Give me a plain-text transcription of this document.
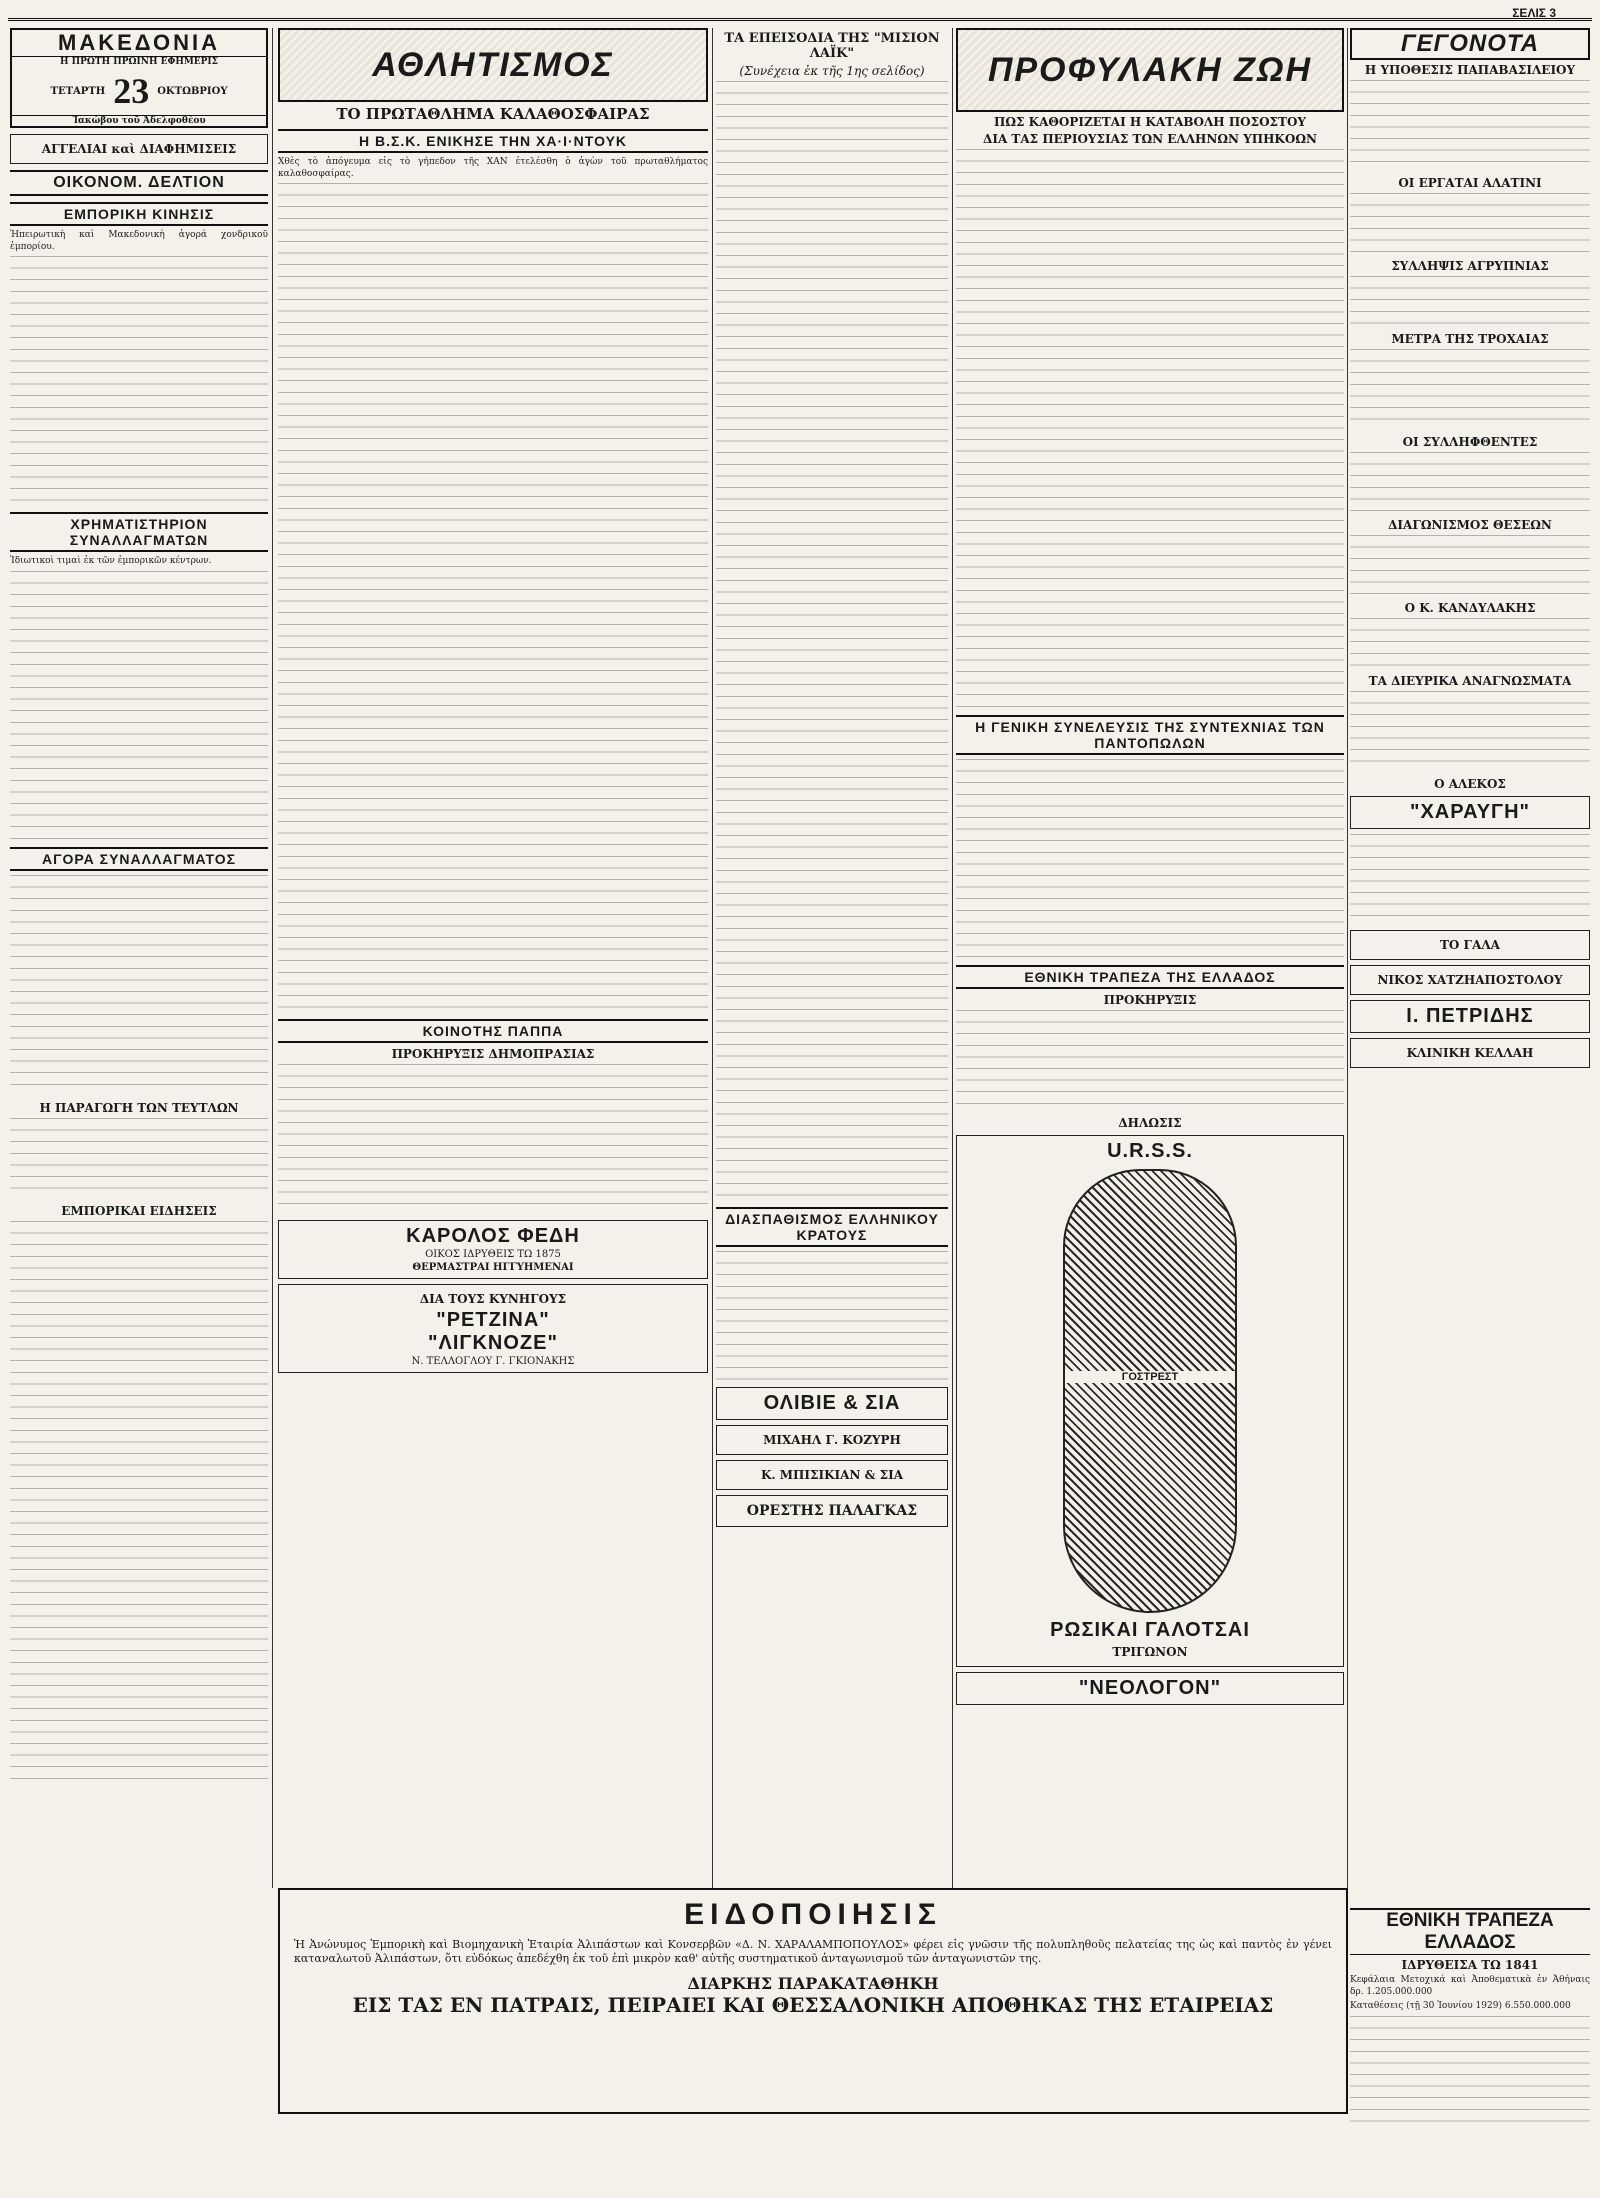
ΣΕΛΙΣ 3
ΜΑΚΕΔΟΝΙΑ
Η ΠΡΩΤΗ ΠΡΩΙΝΗ ΕΦΗΜΕΡΙΣ
ΤΕΤΑΡΤΗ 23 ΟΚΤΩΒΡΙΟΥ
Ἰακώβου τοῦ Ἀδελφοθέου
ΑΓΓΕΛΙΑΙ καὶ ΔΙΑΦΗΜΙΣΕΙΣ
ΟΙΚΟΝΟΜ. ΔΕΛΤΙΟΝ
ΕΜΠΟΡΙΚΗ ΚΙΝΗΣΙΣ

Ἠπειρωτικὴ καὶ Μακεδονικὴ ἀγορά χονδρικοῦ ἐμπορίου.

ΧΡΗΜΑΤΙΣΤΗΡΙΟΝ ΣΥΝΑΛΛΑΓΜΑΤΩΝ

Ἰδιωτικοὶ τιμαὶ ἐκ τῶν ἐμπορικῶν κέντρων.

ΑΓΟΡΑ ΣΥΝΑΛΛΑΓΜΑΤΟΣ
Η ΠΑΡΑΓΩΓΗ ΤΩΝ ΤΕΥΤΛΩΝ
ΕΜΠΟΡΙΚΑΙ ΕΙΔΗΣΕΙΣ
ΑΘΛΗΤΙΣΜΟΣ
ΤΟ ΠΡΩΤΑΘΛΗΜΑ ΚΑΛΑΘΟΣΦΑΙΡΑΣ
Η Β.Σ.Κ. ΕΝΙΚΗΣΕ ΤΗΝ ΧΑ·Ι·ΝΤΟΥΚ

Χθὲς τὸ ἀπόγευμα εἰς τὸ γήπεδον τῆς ΧΑΝ ἐτελέσθη ὁ ἀγὼν τοῦ πρωταθλήματος καλαθοσφαίρας.

ΚΟΙΝΟΤΗΣ ΠΑΠΠΑ
ΠΡΟΚΗΡΥΞΙΣ ΔΗΜΟΠΡΑΣΙΑΣ
ΚΑΡΟΛΟΣ ΦΕΔΗ
ΟΙΚΟΣ ΙΔΡΥΘΕΙΣ ΤΩ 1875
ΘΕΡΜΑΣΤΡΑΙ ΗΓΓΥΗΜΕΝΑΙ
ΔΙΑ ΤΟΥΣ ΚΥΝΗΓΟΥΣ
"ΡΕΤΖΙΝΑ"
"ΛΙΓΚΝΟΖΕ"
Ν. ΤΕΛΛΟΓΛΟΥ Γ. ΓΚΙΟΝΑΚΗΣ
ΤΑ ΕΠΕΙΣΟΔΙΑ ΤΗΣ "ΜΙΣΙΟΝ ΛΑΪΚ"
(Συνέχεια ἐκ τῆς 1ης σελίδος)
ΔΙΑΣΠΑΘΙΣΜΟΣ ΕΛΛΗΝΙΚΟΥ ΚΡΑΤΟΥΣ
ΟΛΙΒΙΕ & ΣΙΑ
ΜΙΧΑΗΛ Γ. ΚΟΖΥΡΗ
Κ. ΜΠΙΣΙΚΙΑΝ & ΣΙΑ
ΟΡΕΣΤΗΣ ΠΑΛΑΓΚΑΣ
ΠΡΟΦΥΛΑΚΗ ΖΩΗ
ΠΩΣ ΚΑΘΟΡΙΖΕΤΑΙ Η ΚΑΤΑΒΟΛΗ ΠΟΣΟΣΤΟΥ
ΔΙΑ ΤΑΣ ΠΕΡΙΟΥΣΙΑΣ ΤΩΝ ΕΛΛΗΝΩΝ ΥΠΗΚΟΩΝ
Η ΓΕΝΙΚΗ ΣΥΝΕΛΕΥΣΙΣ ΤΗΣ ΣΥΝΤΕΧΝΙΑΣ ΤΩΝ ΠΑΝΤΟΠΩΛΩΝ
ΕΘΝΙΚΗ ΤΡΑΠΕΖΑ ΤΗΣ ΕΛΛΑΔΟΣ
ΠΡΟΚΗΡΥΞΙΣ
ΔΗΛΩΣΙΣ
U.R.S.S.
ΓΟΣΤΡΕΣΤ
ΡΩΣΙΚΑΙ ΓΑΛΟΤΣΑΙ
ΤΡΙΓΩΝΟΝ
"ΝΕΟΛΟΓΟΝ"
ΓΕΓΟΝΟΤΑ
Η ΥΠΟΘΕΣΙΣ ΠΑΠΑΒΑΣΙΛΕΙΟΥ
ΟΙ ΕΡΓΑΤΑΙ ΑΛΑΤΙΝΙ
ΣΥΛΛΗΨΙΣ ΑΓΡΥΠΝΙΑΣ
ΜΕΤΡΑ ΤΗΣ ΤΡΟΧΑΙΑΣ
ΟΙ ΣΥΛΛΗΦΘΕΝΤΕΣ
ΔΙΑΓΩΝΙΣΜΟΣ ΘΕΣΕΩΝ
Ο Κ. ΚΑΝΔΥΛΑΚΗΣ
ΤΑ ΔΙΕΥΡΙΚΑ ΑΝΑΓΝΩΣΜΑΤΑ
Ο ΑΛΕΚΟΣ
"ΧΑΡΑΥΓΗ"
ΤΟ ΓΑΛΑ
ΝΙΚΟΣ ΧΑΤΖΗΑΠΟΣΤΟΛΟΥ
Ι. ΠΕΤΡΙΔΗΣ
ΚΛΙΝΙΚΗ ΚΕΛΛΑΗ
ΕΙΔΟΠΟΙΗΣΙΣ

Ἡ Ἀνώνυμος Ἐμπορικὴ καὶ Βιομηχανικὴ Ἑταιρία Ἀλιπάστων καὶ Κονσερβῶν «Δ. Ν. ΧΑΡΑΛΑΜΠΟΠΟΥΛΟΣ» φέρει εἰς γνῶσιν τῆς πολυπληθοῦς πελατείας της ὡς καὶ παντὸς ἐν γένει καταναλωτοῦ Ἀλιπάστων, ὅτι εὐδόκως ἀπεδέχθη ἐκ τοῦ ἐπὶ μικρὸν καθ' αὐτῆς συστηματικοῦ ἀνταγωνισμοῦ τῶν ἀνταγωνιστῶν της.

ΔΙΑΡΚΗΣ ΠΑΡΑΚΑΤΑΘΗΚΗ
ΕΙΣ ΤΑΣ ΕΝ ΠΑΤΡΑΙΣ, ΠΕΙΡΑΙΕΙ ΚΑΙ ΘΕΣΣΑΛΟΝΙΚΗ ΑΠΟΘΗΚΑΣ ΤΗΣ ΕΤΑΙΡΕΙΑΣ
ΕΘΝΙΚΗ ΤΡΑΠΕΖΑ ΕΛΛΑΔΟΣ
ΙΔΡΥΘΕΙΣΑ ΤΩ 1841

Κεφάλαια Μετοχικά καὶ Ἀποθεματικὰ ἐν Ἀθήναις δρ. 1.205.000.000

Καταθέσεις (τῇ 30 Ἰουνίου 1929) 6.550.000.000
